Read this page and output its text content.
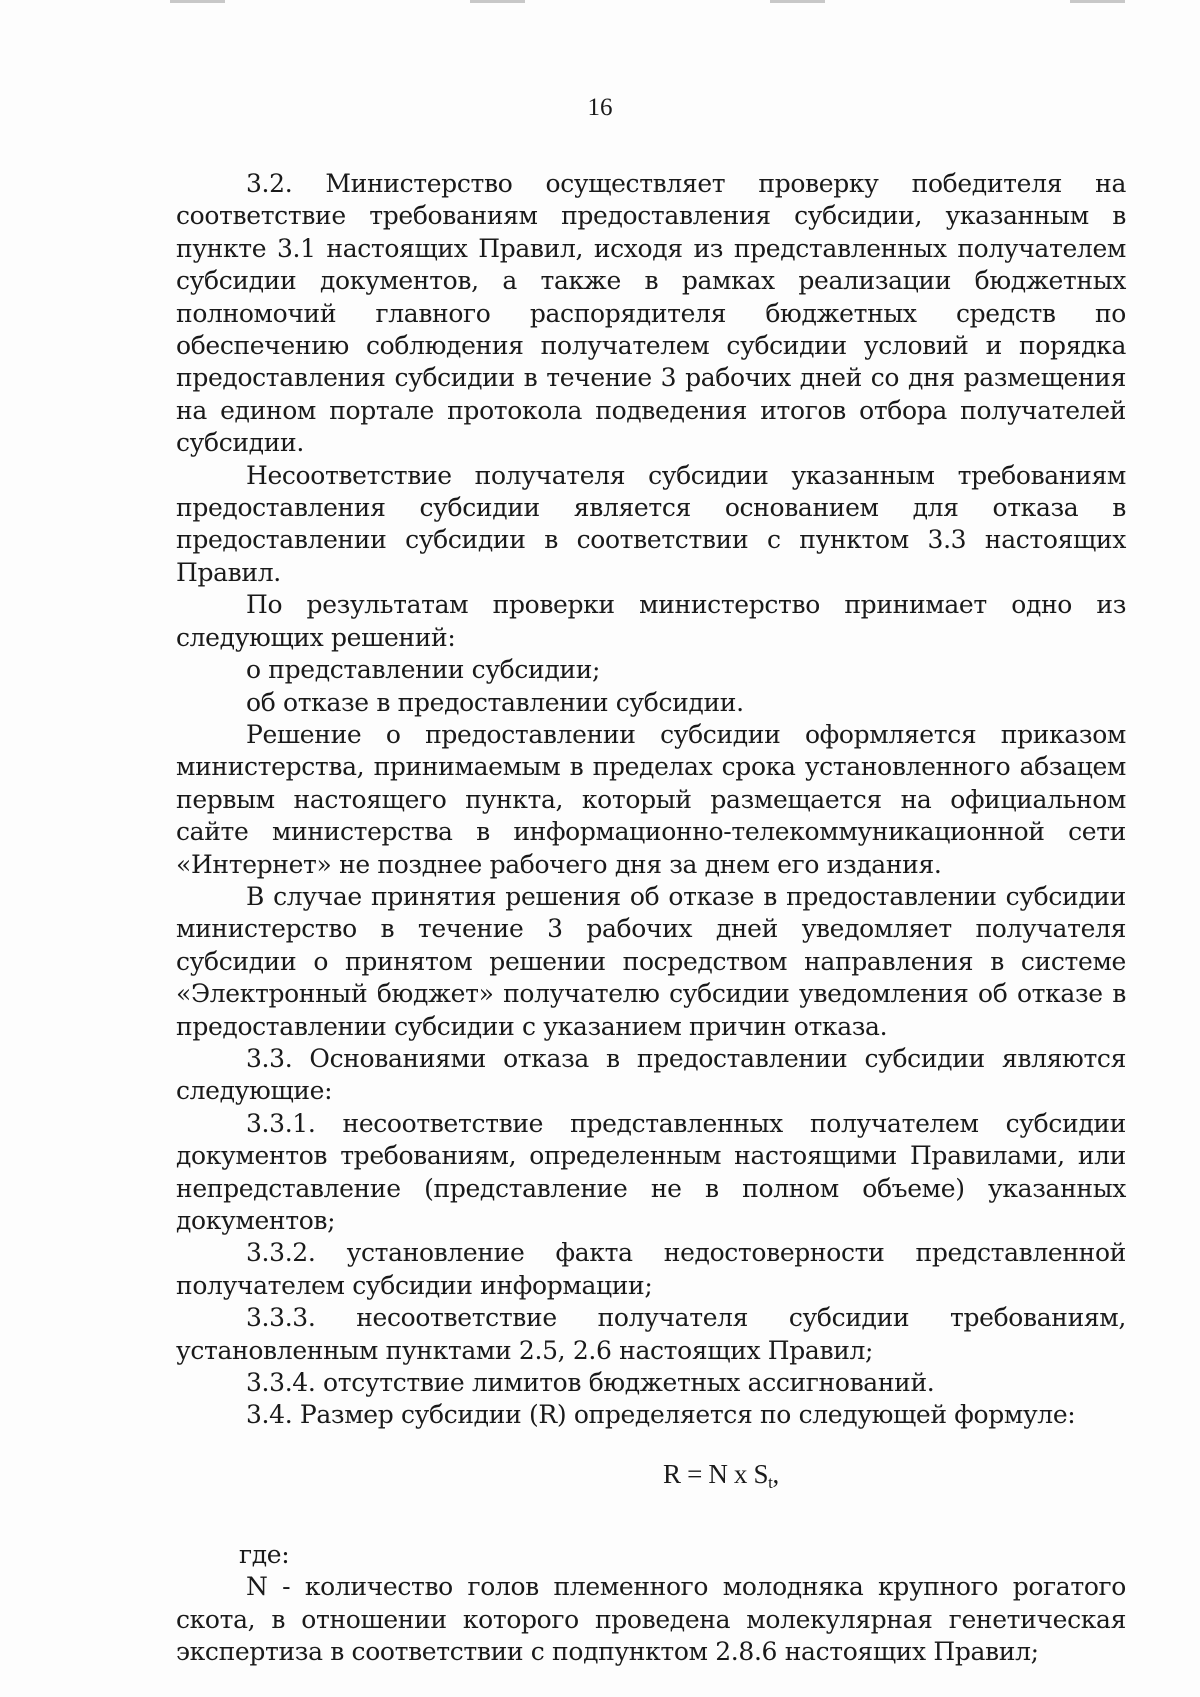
16

3.2. Министерство осуществляет проверку победителя на соответствие требованиям предоставления субсидии, указанным в пункте 3.1 настоящих Правил, исходя из представленных получателем субсидии документов, а также в рамках реализации бюджетных полномочий главного распорядителя бюджетных средств по обеспечению соблюдения получателем субсидии условий и порядка предоставления субсидии в течение 3 рабочих дней со дня размещения на едином портале протокола подведения итогов отбора получателей субсидии.

Несоответствие получателя субсидии указанным требованиям предоставления субсидии является основанием для отказа в предоставлении субсидии в соответствии с пунктом 3.3 настоящих Правил.

По результатам проверки министерство принимает одно из следующих решений:

о представлении субсидии;

об отказе в предоставлении субсидии.

Решение о предоставлении субсидии оформляется приказом министерства, принимаемым в пределах срока установленного абзацем первым настоящего пункта, который размещается на официальном сайте министерства в информационно-телекоммуникационной сети «Интернет» не позднее рабочего дня за днем его издания.

В случае принятия решения об отказе в предоставлении субсидии министерство в течение 3 рабочих дней уведомляет получателя субсидии о принятом решении посредством направления в системе «Электронный бюджет» получателю субсидии уведомления об отказе в предоставлении субсидии с указанием причин отказа.

3.3. Основаниями отказа в предоставлении субсидии являются следующие:

3.3.1. несоответствие представленных получателем субсидии документов требованиям, определенным настоящими Правилами, или непредставление (представление не в полном объеме) указанных документов;

3.3.2. установление факта недостоверности представленной получателем субсидии информации;

3.3.3. несоответствие получателя субсидии требованиям, установленным пунктами 2.5, 2.6 настоящих Правил;

3.3.4. отсутствие лимитов бюджетных ассигнований.

3.4. Размер субсидии (R) определяется по следующей формуле:

R = N x $S_t$,

где:

N - количество голов племенного молодняка крупного рогатого скота, в отношении которого проведена молекулярная генетическая экспертиза в соответствии с подпунктом 2.8.6 настоящих Правил;
